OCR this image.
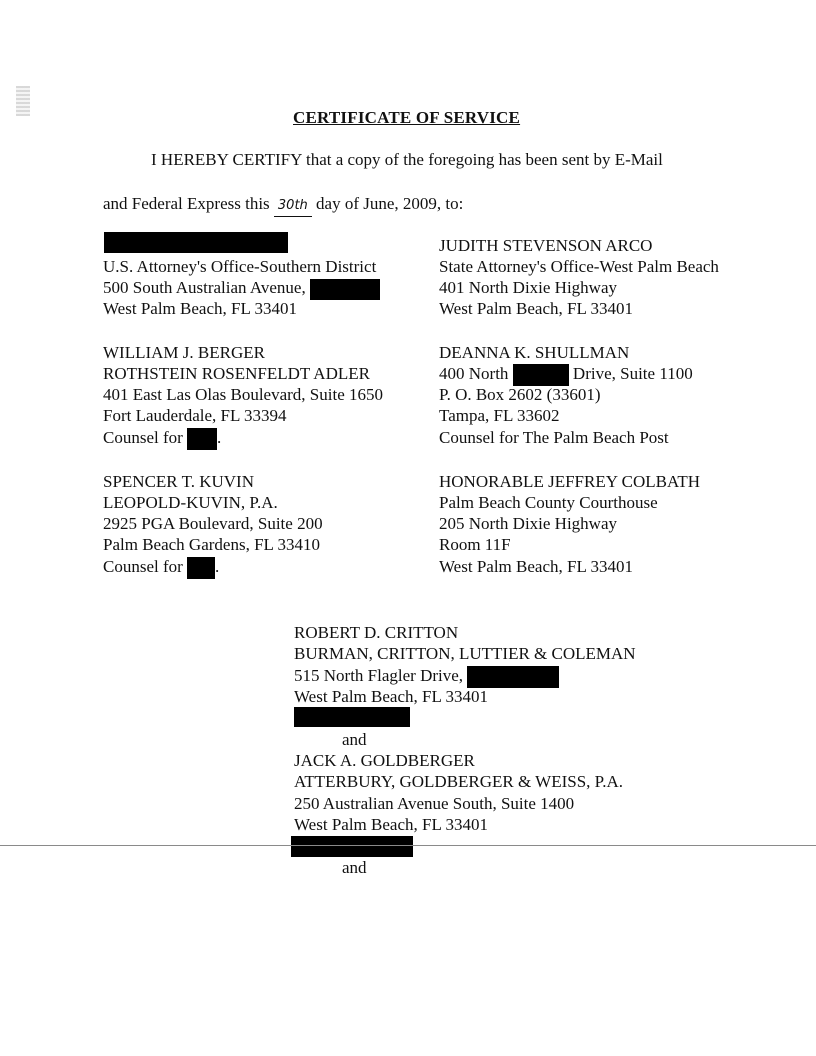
CERTIFICATE OF SERVICE
I HEREBY CERTIFY that a copy of the foregoing has been sent by E-Mail
and Federal Express this 30th day of June, 2009, to:
U.S. Attorney's Office-Southern District
500 South Australian Avenue,
West Palm Beach, FL 33401
JUDITH STEVENSON ARCO
State Attorney's Office-West Palm Beach
401 North Dixie Highway
West Palm Beach, FL 33401
WILLIAM J. BERGER
ROTHSTEIN ROSENFELDT ADLER
401 East Las Olas Boulevard, Suite 1650
Fort Lauderdale, FL 33394
Counsel for .
DEANNA K. SHULLMAN
400 North	Drive, Suite 1100
P. O. Box 2602 (33601)
Tampa, FL 33602
Counsel for The Palm Beach Post
SPENCER T. KUVIN
LEOPOLD-KUVIN, P.A.
2925 PGA Boulevard, Suite 200
Palm Beach Gardens, FL 33410
Counsel for .
HONORABLE JEFFREY COLBATH
Palm Beach County Courthouse
205 North Dixie Highway
Room 11F
West Palm Beach, FL 33401
ROBERT D. CRITTON
BURMAN, CRITTON, LUTTIER & COLEMAN
515 North Flagler Drive,
West Palm Beach, FL 33401
and
JACK A. GOLDBERGER
ATTERBURY, GOLDBERGER & WEISS, P.A.
250 Australian Avenue South, Suite 1400
West Palm Beach, FL 33401
and
